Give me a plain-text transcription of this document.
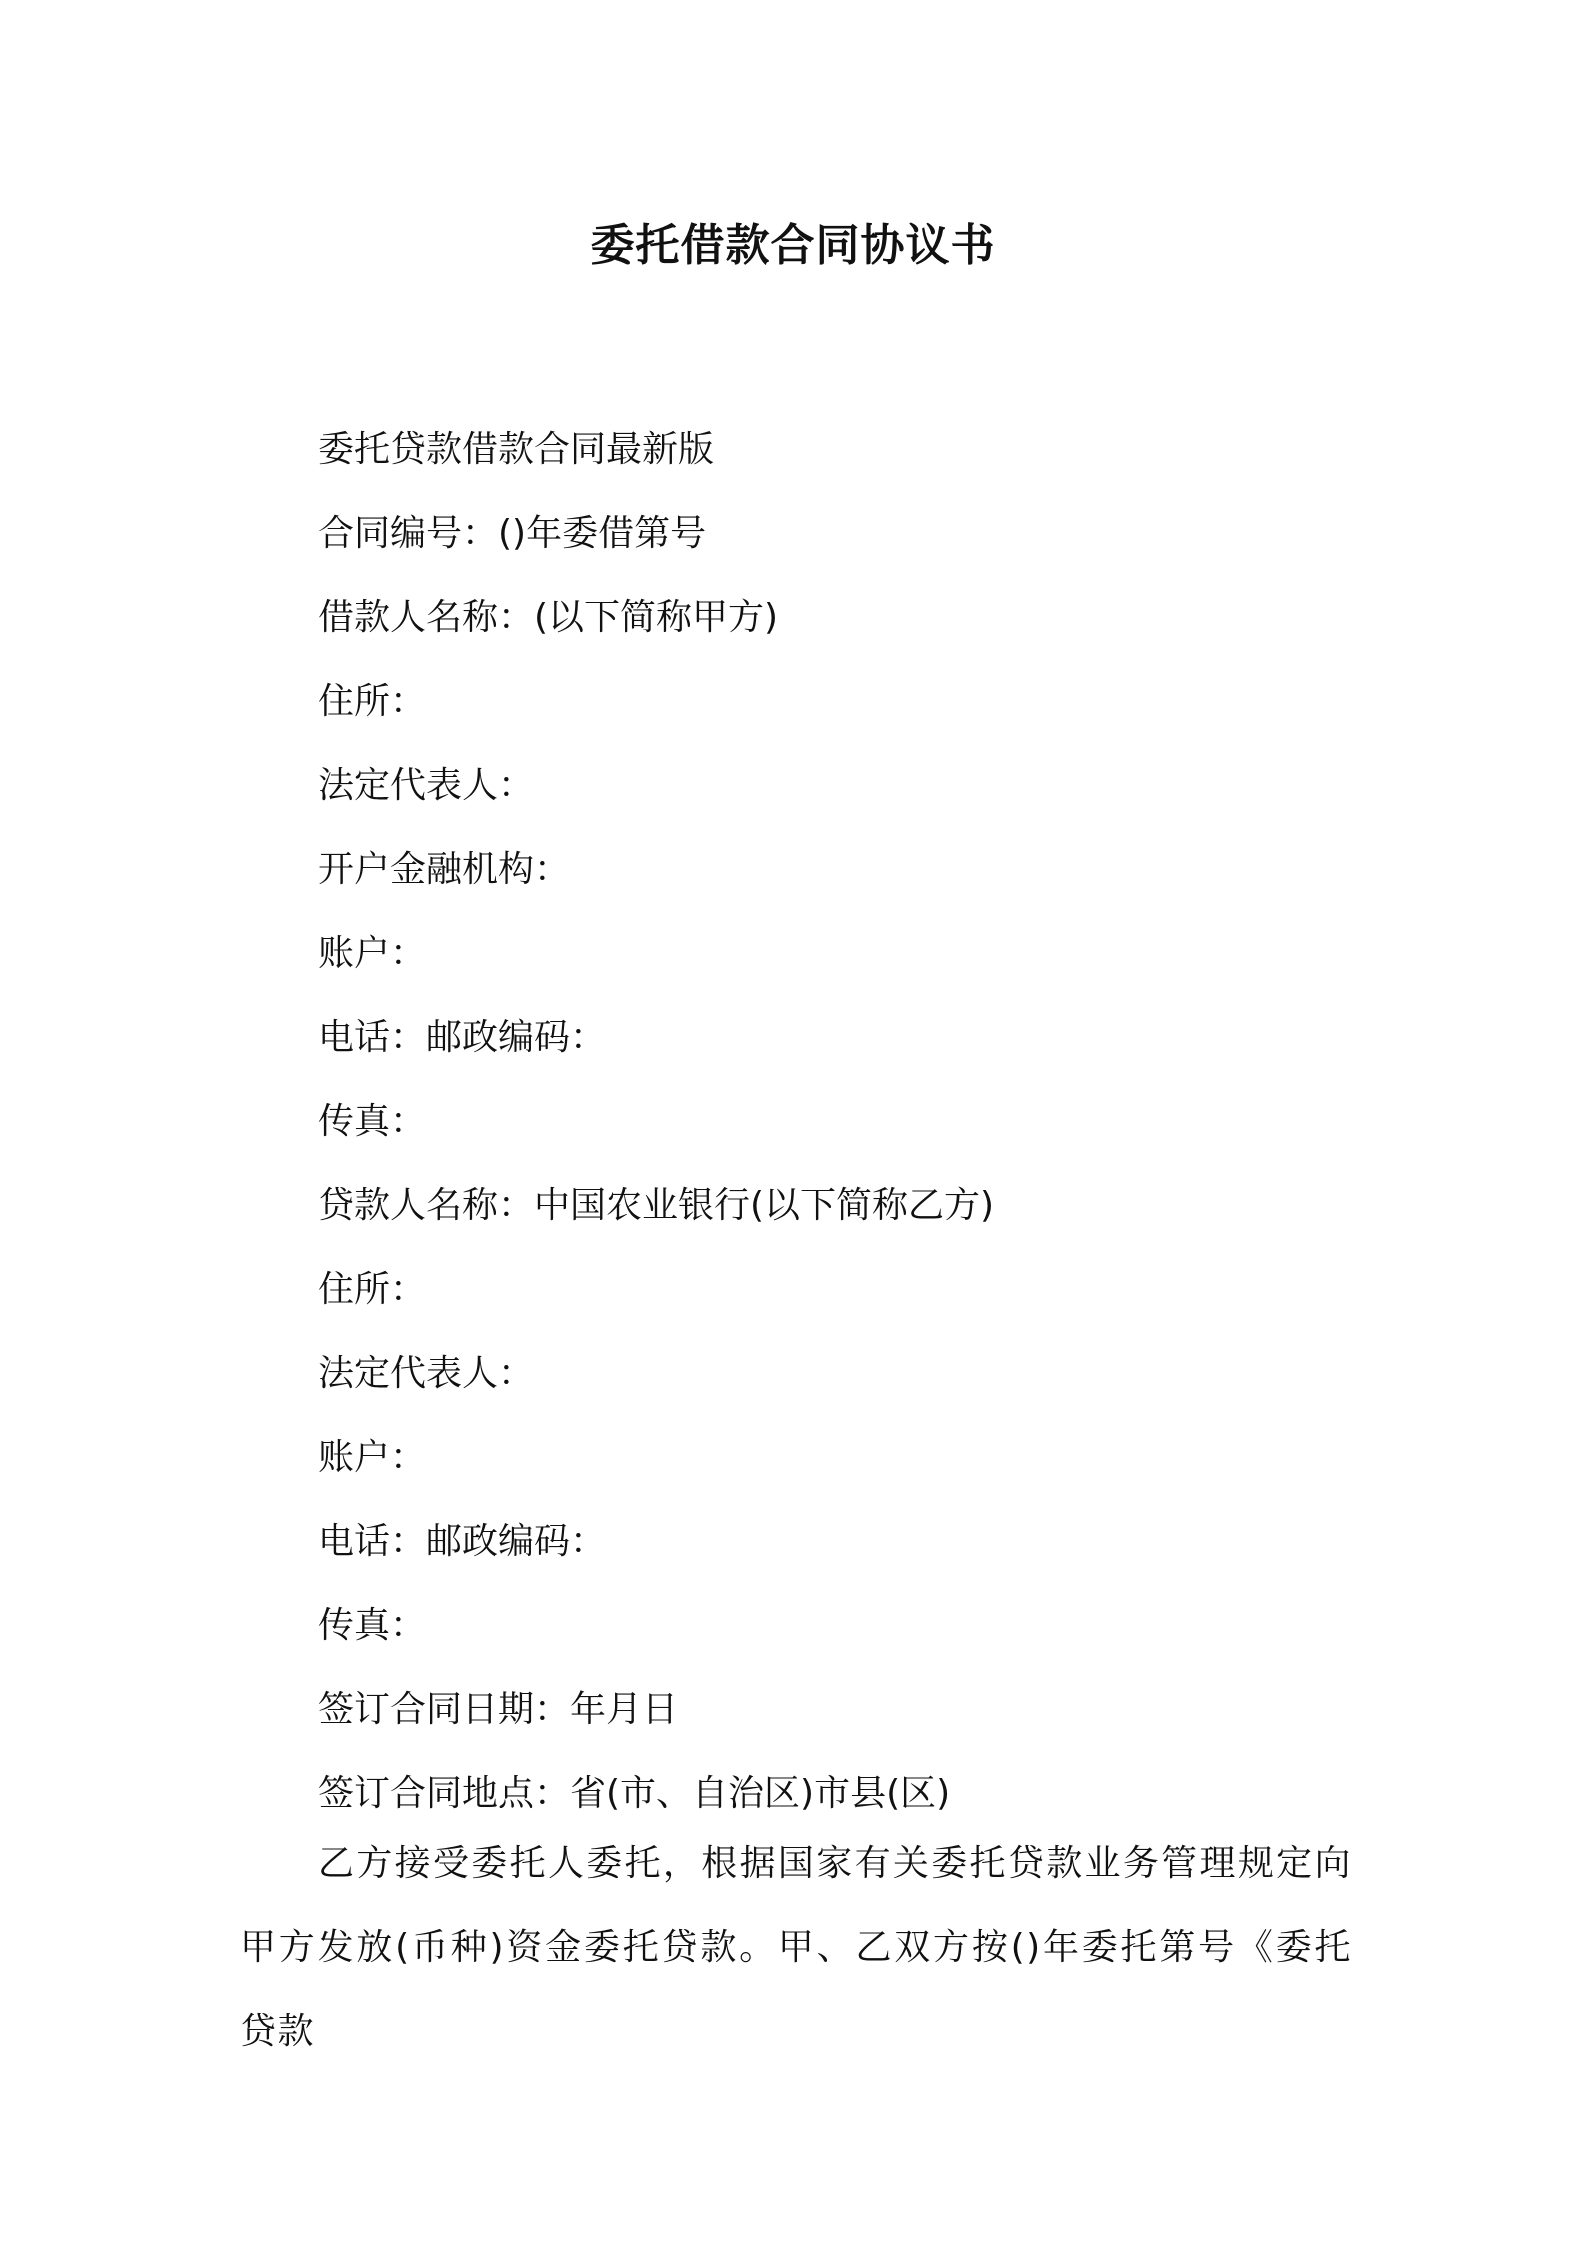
委托借款合同协议书
委托贷款借款合同最新版
合同编号：()年委借第号
借款人名称：(以下简称甲方)
住所：
法定代表人：
开户金融机构：
账户：
电话：邮政编码：
传真：
贷款人名称：中国农业银行(以下简称乙方)
住所：
法定代表人：
账户：
电话：邮政编码：
传真：
签订合同日期：年月日
签订合同地点：省(市、自治区)市县(区)
乙方接受委托人委托，根据国家有关委托贷款业务管理规定向甲方发放(币种)资金委托贷款。甲、乙双方按()年委托第号《委托贷款
